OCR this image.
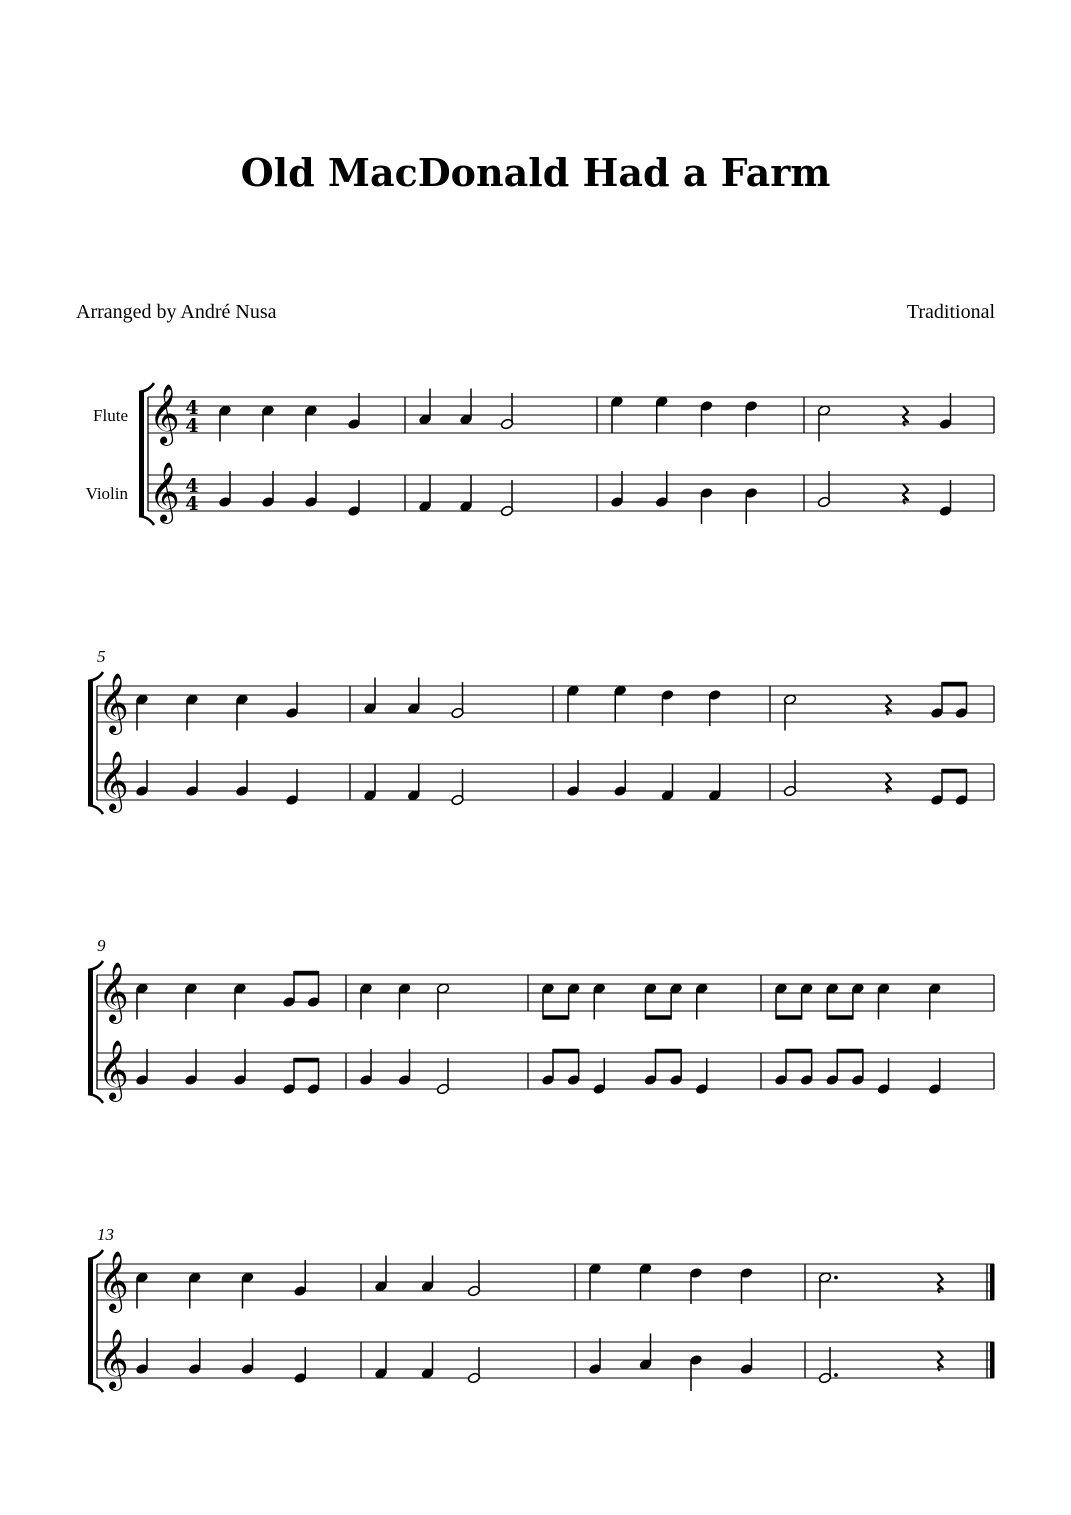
Old MacDonald Had a Farm
Arranged by André Nusa	Traditional
Flute
Violin
𝄞 4
4
𝄞 4
4
5
𝄞
𝄞
9
𝄞
𝄞
13
𝄞
𝄞
